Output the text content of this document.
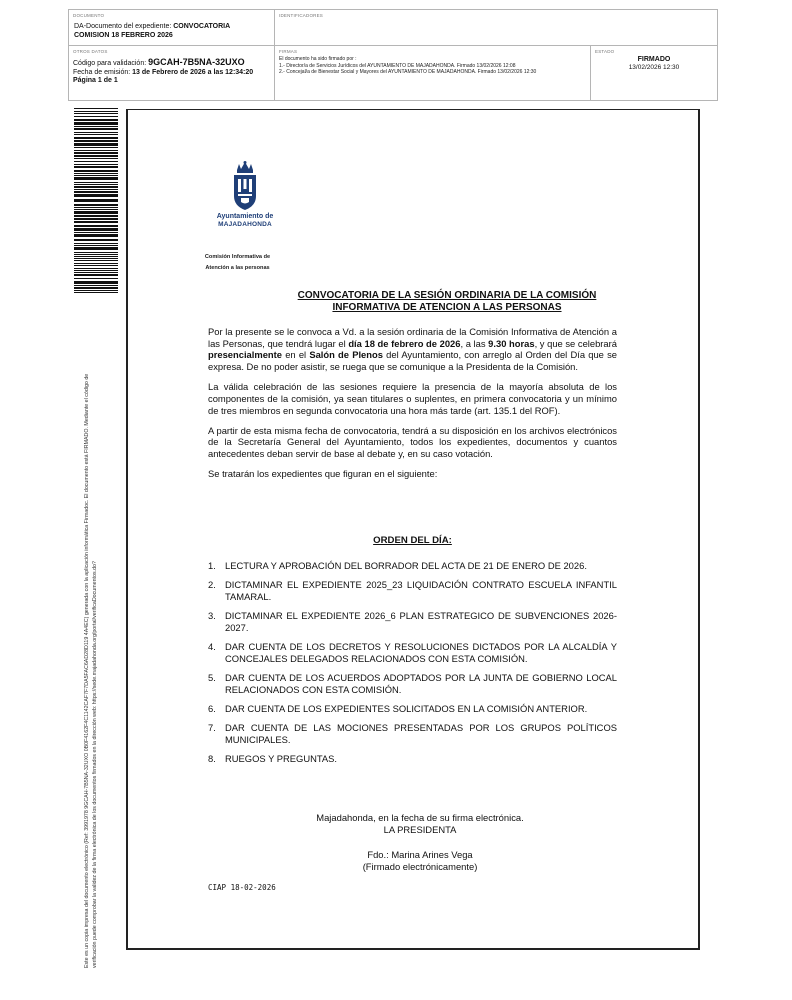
DOCUMENTO
DA-Documento del expediente: CONVOCATORIA
COMISION 18 FEBRERO 2026
IDENTIFICADORES
OTROS DATOS
Código para validación: 9GCAH-7B5NA-32UXO
Fecha de emisión: 13 de Febrero de 2026 a las 12:34:20
Página 1 de 1
FIRMAS
El documento ha sido firmado por :
1.- Director/a de Servicios Jurídicos del AYUNTAMIENTO DE MAJADAHONDA. Firmado 13/02/2026 12:08
2.- Concejal/a de Bienestar Social y Mayores del AYUNTAMIENTO DE MAJADAHONDA. Firmado 13/02/2026 12:30
ESTADO
FIRMADO
13/02/2026 12:30
Este es un copia impresa del documento electrónico (Ref: 3991978 9GCAH-7B5NA-32UXO 0B0F4162F4C1142CAF7F7DA5FAC6AD28D119 4A4EC) generada con la aplicación informática Firmadoc. El documento está FIRMADO. Mediante el código de verificación puede comprobar la validez de la firma electrónica de los documentos firmados en la dirección web: https://sede.majadahonda.org/portal/verificaDocumentos.do?
Ayuntamiento de
MAJADAHONDA
Comisión Informativa de
Atención a las personas
CONVOCATORIA DE LA SESIÓN ORDINARIA DE LA COMISIÓN
INFORMATIVA DE ATENCION A LAS PERSONAS

Por la presente se le convoca a Vd. a la sesión ordinaria de la Comisión Informativa de Atención a las Personas, que tendrá lugar el día 18 de febrero de 2026, a las 9.30 horas, y que se celebrará presencialmente en el Salón de Plenos del Ayuntamiento, con arreglo al Orden del Día que se expresa. De no poder asistir, se ruega que se comunique a la Presidenta de la Comisión.

La válida celebración de las sesiones requiere la presencia de la mayoría absoluta de los componentes de la comisión, ya sean titulares o suplentes, en primera convocatoria y un mínimo de tres miembros en segunda convocatoria una hora más tarde (art. 135.1 del ROF).

A partir de esta misma fecha de convocatoria, tendrá a su disposición en los archivos electrónicos de la Secretaría General del Ayuntamiento, todos los expedientes, documentos y cuantos antecedentes deban servir de base al debate y, en su caso votación.

Se tratarán los expedientes que figuran en el siguiente:

ORDEN DEL DÍA:
1. LECTURA Y APROBACIÓN DEL BORRADOR DEL ACTA DE 21 DE ENERO DE 2026.
2. DICTAMINAR EL EXPEDIENTE 2025_23 LIQUIDACIÓN CONTRATO ESCUELA INFANTIL TAMARAL.
3. DICTAMINAR EL EXPEDIENTE 2026_6 PLAN ESTRATEGICO DE SUBVENCIONES 2026-2027.
4. DAR CUENTA DE LOS DECRETOS Y RESOLUCIONES DICTADOS POR LA ALCALDÍA Y CONCEJALES DELEGADOS RELACIONADOS CON ESTA COMISIÓN.
5. DAR CUENTA DE LOS ACUERDOS ADOPTADOS POR LA JUNTA DE GOBIERNO LOCAL RELACIONADOS CON ESTA COMISIÓN.
6. DAR CUENTA DE LOS EXPEDIENTES SOLICITADOS EN LA COMISIÓN ANTERIOR.
7. DAR CUENTA DE LAS MOCIONES PRESENTADAS POR LOS GRUPOS POLÍTICOS MUNICIPALES.
8. RUEGOS Y PREGUNTAS.
Majadahonda, en la fecha de su firma electrónica.
LA PRESIDENTA
Fdo.: Marina Arines Vega
(Firmado electrónicamente)
CIAP 18-02-2026
